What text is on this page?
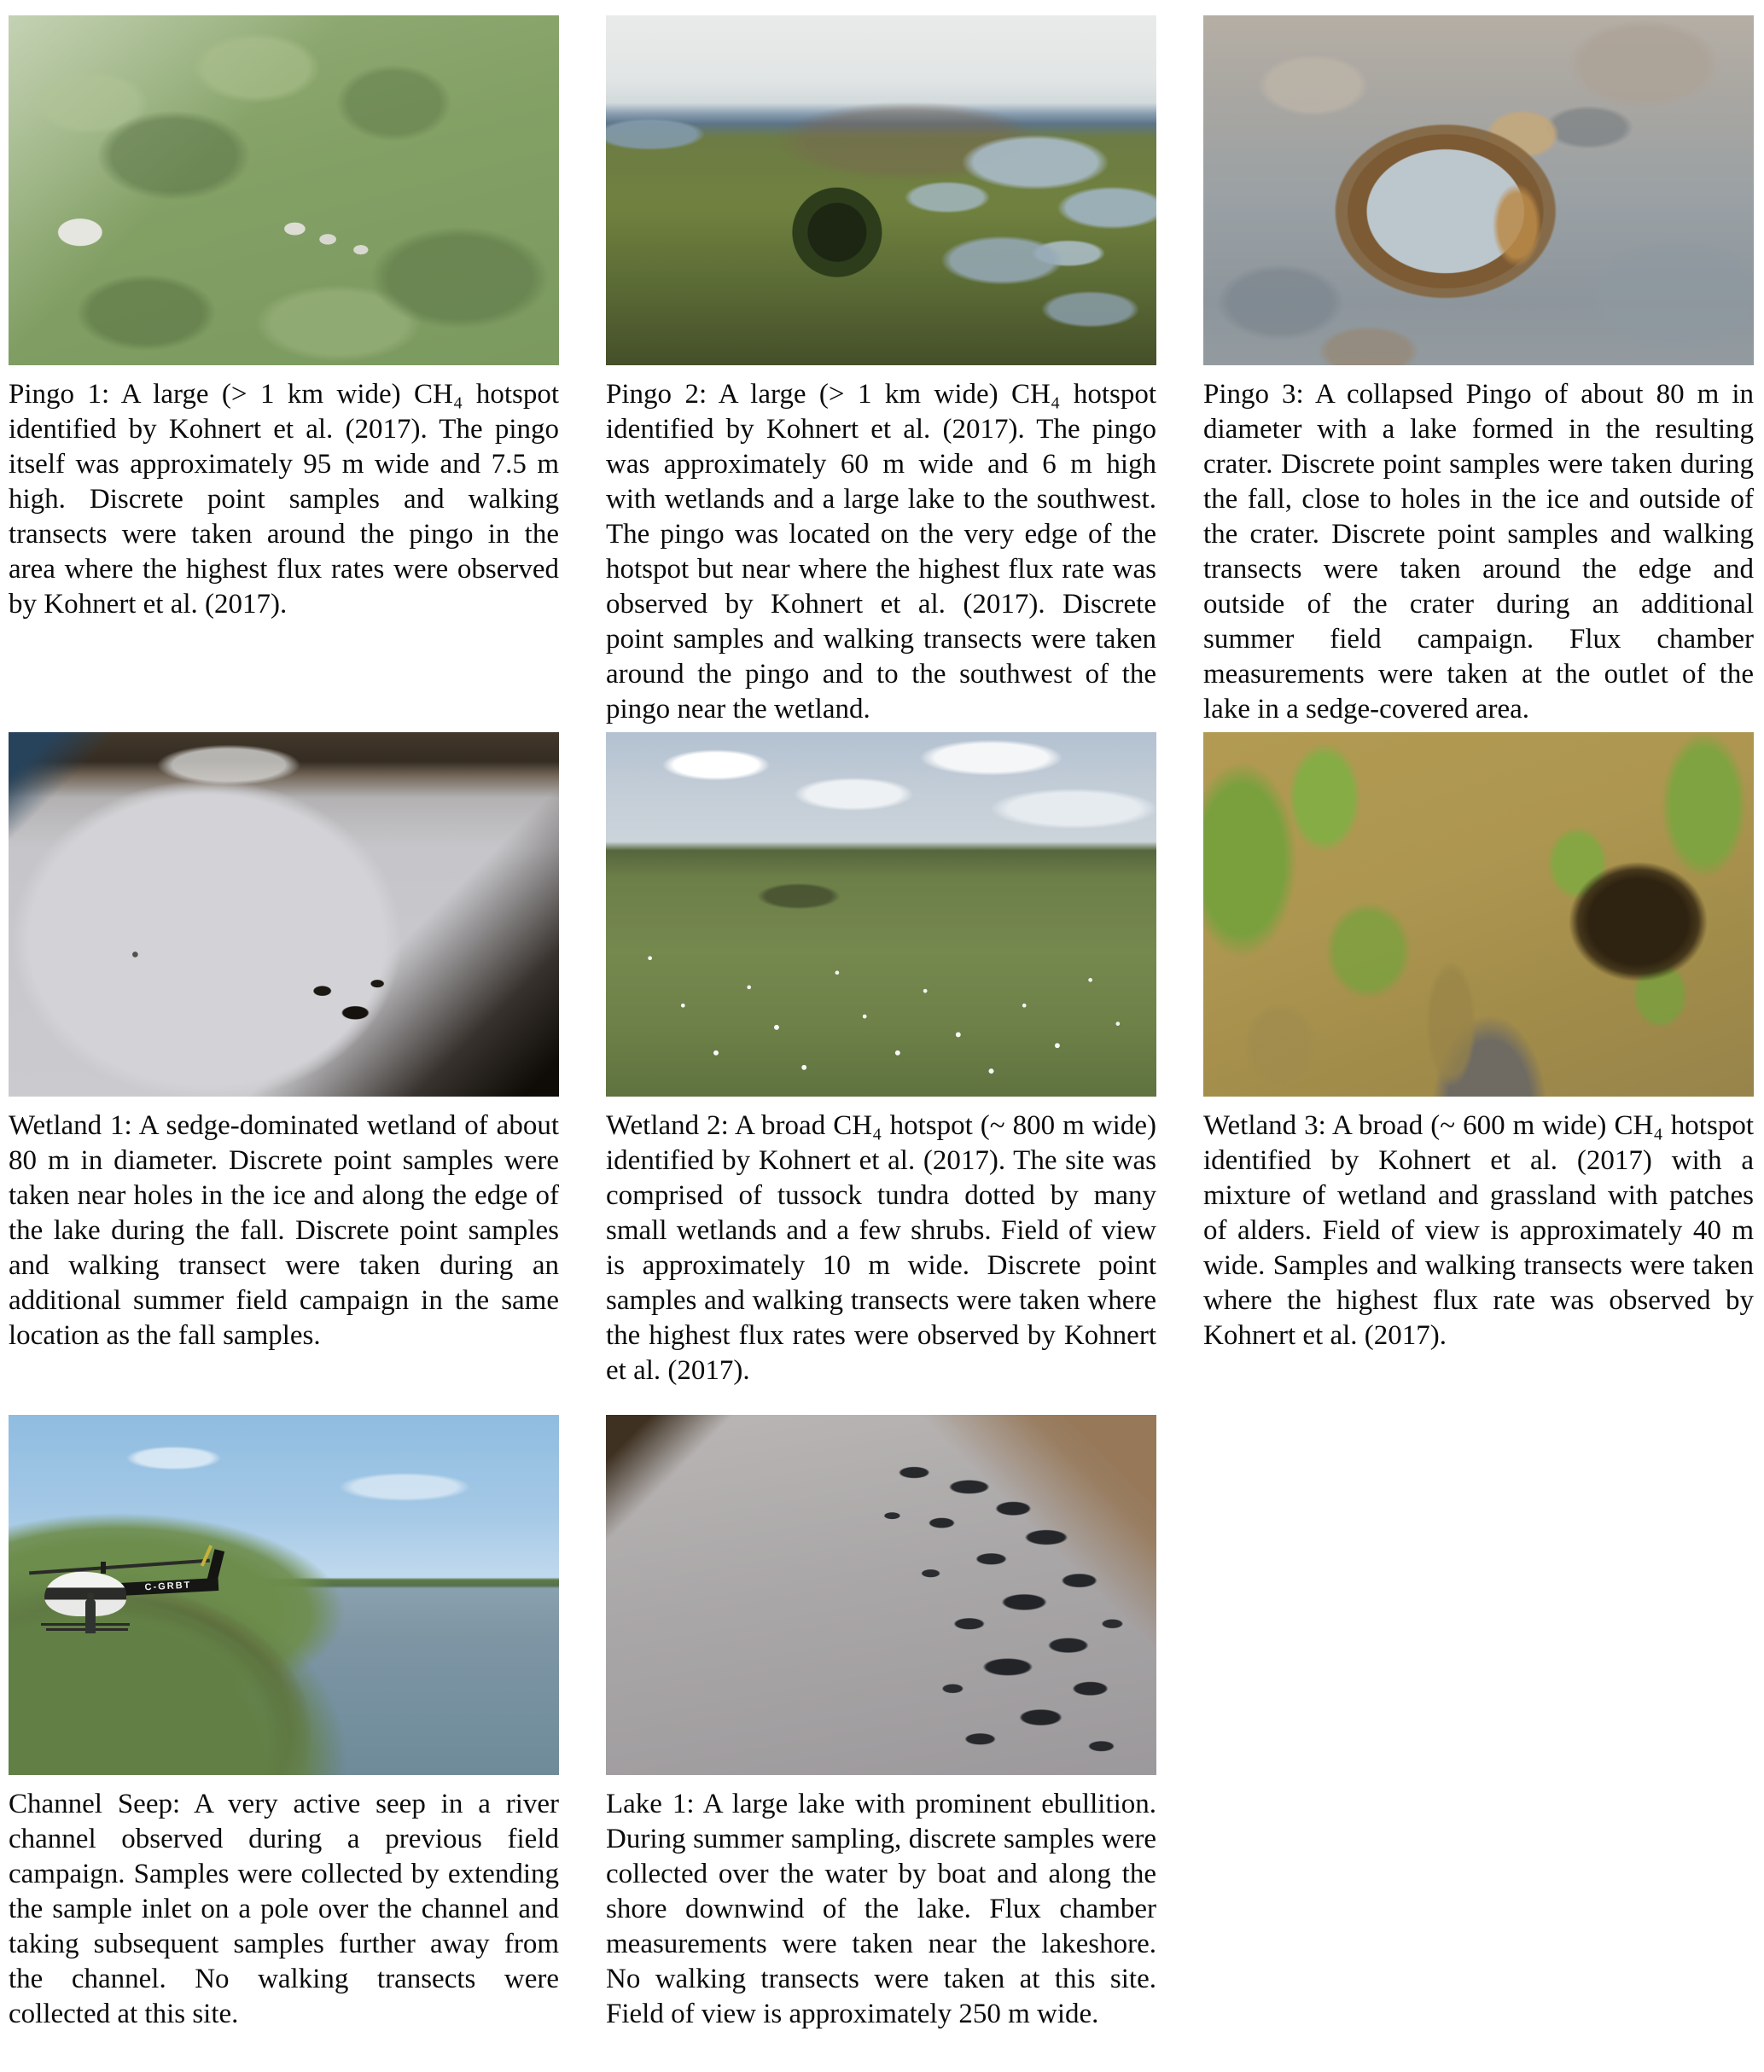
Pingo 1: A large (> 1 km wide) CH₄ hotspot identified by Kohnert et al. (2017). The pingo itself was approximately 95 m wide and 7.5 m high. Discrete point samples and walking transects were taken around the pingo in the area where the highest flux rates were observed by Kohnert et al. (2017).
Pingo 2: A large (> 1 km wide) CH₄ hotspot identified by Kohnert et al. (2017). The pingo was approximately 60 m wide and 6 m high with wetlands and a large lake to the southwest. The pingo was located on the very edge of the hotspot but near where the highest flux rate was observed by Kohnert et al. (2017). Discrete point samples and walking transects were taken around the pingo and to the southwest of the pingo near the wetland.
Pingo 3: A collapsed Pingo of about 80 m in diameter with a lake formed in the resulting crater. Discrete point samples were taken during the fall, close to holes in the ice and outside of the crater. Discrete point samples and walking transects were taken around the edge and outside of the crater during an additional summer field campaign. Flux chamber measurements were taken at the outlet of the lake in a sedge-covered area.
Wetland 1: A sedge-dominated wetland of about 80 m in diameter. Discrete point samples were taken near holes in the ice and along the edge of the lake during the fall. Discrete point samples and walking transect were taken during an additional summer field campaign in the same location as the fall samples.
Wetland 2: A broad CH₄ hotspot (~ 800 m wide) identified by Kohnert et al. (2017). The site was comprised of tussock tundra dotted by many small wetlands and a few shrubs. Field of view is approximately 10 m wide. Discrete point samples and walking transects were taken where the highest flux rates were observed by Kohnert et al. (2017).
Wetland 3: A broad (~ 600 m wide) CH₄ hotspot identified by Kohnert et al. (2017) with a mixture of wetland and grassland with patches of alders. Field of view is approximately 40 m wide. Samples and walking transects were taken where the highest flux rate was observed by Kohnert et al. (2017).
C-GRBT
Channel Seep: A very active seep in a river channel observed during a previous field campaign. Samples were collected by extending the sample inlet on a pole over the channel and taking subsequent samples further away from the channel. No walking transects were collected at this site.
Lake 1: A large lake with prominent ebullition. During summer sampling, discrete samples were collected over the water by boat and along the shore downwind of the lake. Flux chamber measurements were taken near the lakeshore. No walking transects were taken at this site. Field of view is approximately 250 m wide.
